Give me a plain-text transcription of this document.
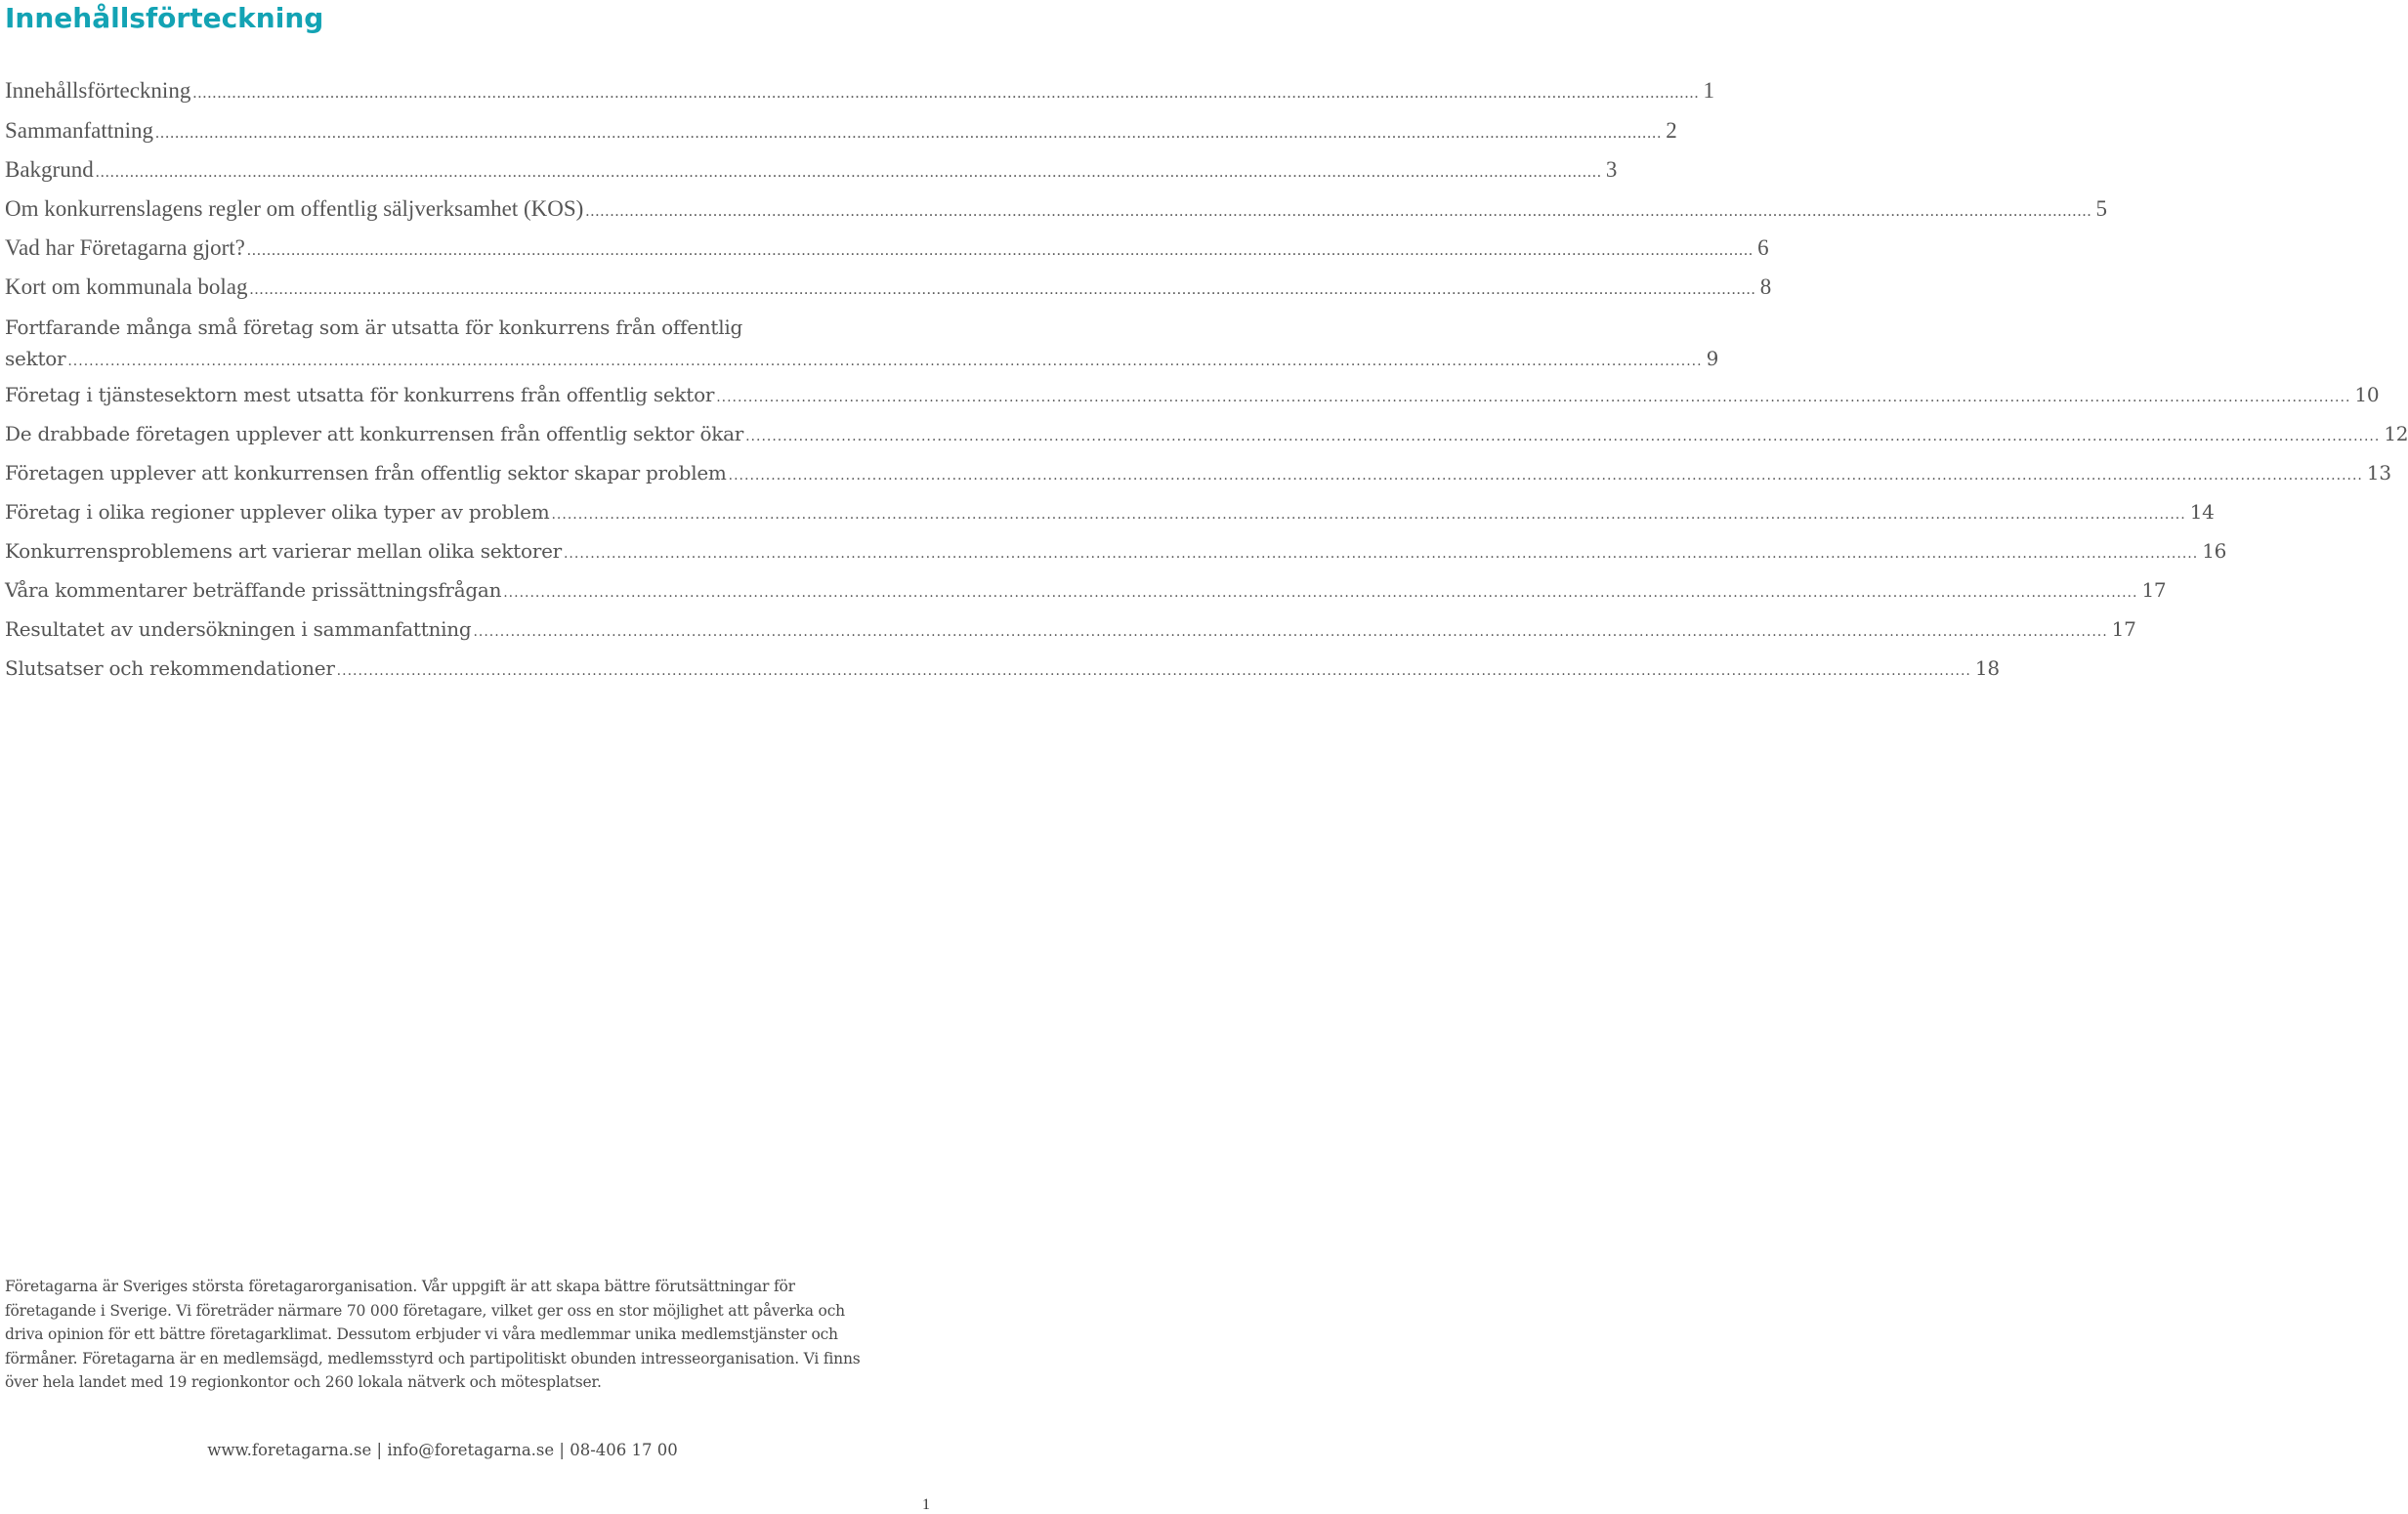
Innehållsförteckning
Innehållsförteckning ................................................................................................................................................................................................................................................................................................................... 1
Sammanfattning ................................................................................................................................................................................................................................................................................................................... 2
Bakgrund ................................................................................................................................................................................................................................................................................................................... 3
Om konkurrenslagens regler om offentlig säljverksamhet (KOS) ................................................................................................................................................................................................................................................................................................................... 5
Vad har Företagarna gjort? ................................................................................................................................................................................................................................................................................................................... 6
Kort om kommunala bolag ................................................................................................................................................................................................................................................................................................................... 8
Fortfarande många små företag som är utsatta för konkurrens från offentlig
sektor ................................................................................................................................................................................................................................................................................................................... 9
Företag i tjänstesektorn mest utsatta för konkurrens från offentlig sektor ................................................................................................................................................................................................................................................................................................................... 10
De drabbade företagen upplever att konkurrensen från offentlig sektor ökar ................................................................................................................................................................................................................................................................................................................... 12
Företagen upplever att konkurrensen från offentlig sektor skapar problem ................................................................................................................................................................................................................................................................................................................... 13
Företag i olika regioner upplever olika typer av problem ................................................................................................................................................................................................................................................................................................................... 14
Konkurrensproblemens art varierar mellan olika sektorer ................................................................................................................................................................................................................................................................................................................... 16
Våra kommentarer beträffande prissättningsfrågan ................................................................................................................................................................................................................................................................................................................... 17
Resultatet av undersökningen i sammanfattning ................................................................................................................................................................................................................................................................................................................... 17
Slutsatser och rekommendationer ................................................................................................................................................................................................................................................................................................................... 18

Företagarna är Sveriges största företagarorganisation. Vår uppgift är att skapa bättre förutsättningar för företagande i Sverige. Vi företräder närmare 70 000 företagare, vilket ger oss en stor möjlighet att påverka och driva opinion för ett bättre företagarklimat. Dessutom erbjuder vi våra medlemmar unika medlemstjänster och förmåner. Företagarna är en medlemsägd, medlemsstyrd och partipolitiskt obunden intresseorganisation. Vi finns över hela landet med 19 regionkontor och 260 lokala nätverk och mötesplatser.

www.foretagarna.se | info@foretagarna.se | 08-406 17 00
1
